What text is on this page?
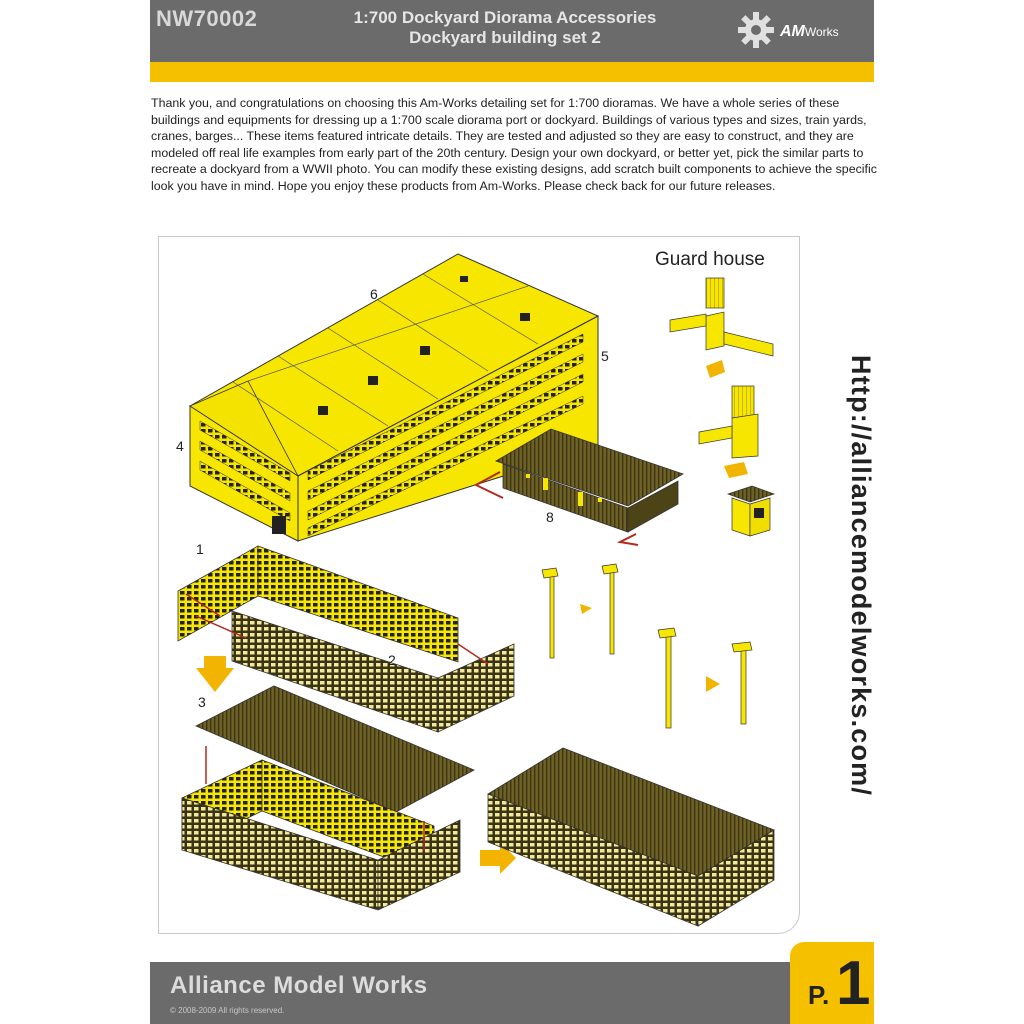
NW70002	1:700 Dockyard Diorama Accessories
Dockyard building set 2	AMWorks
Thank you, and congratulations on choosing this Am-Works detailing set for 1:700 dioramas. We have a whole series of these buildings and equipments for dressing up a 1:700 scale diorama port or dockyard. Buildings of various types and sizes, train yards, cranes, barges... These items featured intricate details. They are tested and adjusted so they are easy to construct, and they are modeled off real life examples from early part of the 20th century. Design your own dockyard, or better yet, pick the similar parts to recreate a dockyard from a WWII photo. You can modify these existing designs, add scratch built components to achieve the specific look you have in mind. Hope you enjoy these products from Am-Works. Please check back for our future releases.
6
5
4
8
1
2
3
Guard house
Http://alliancemodelworks.com/
Alliance Model Works
© 2008-2009 All rights reserved.
P. 1
